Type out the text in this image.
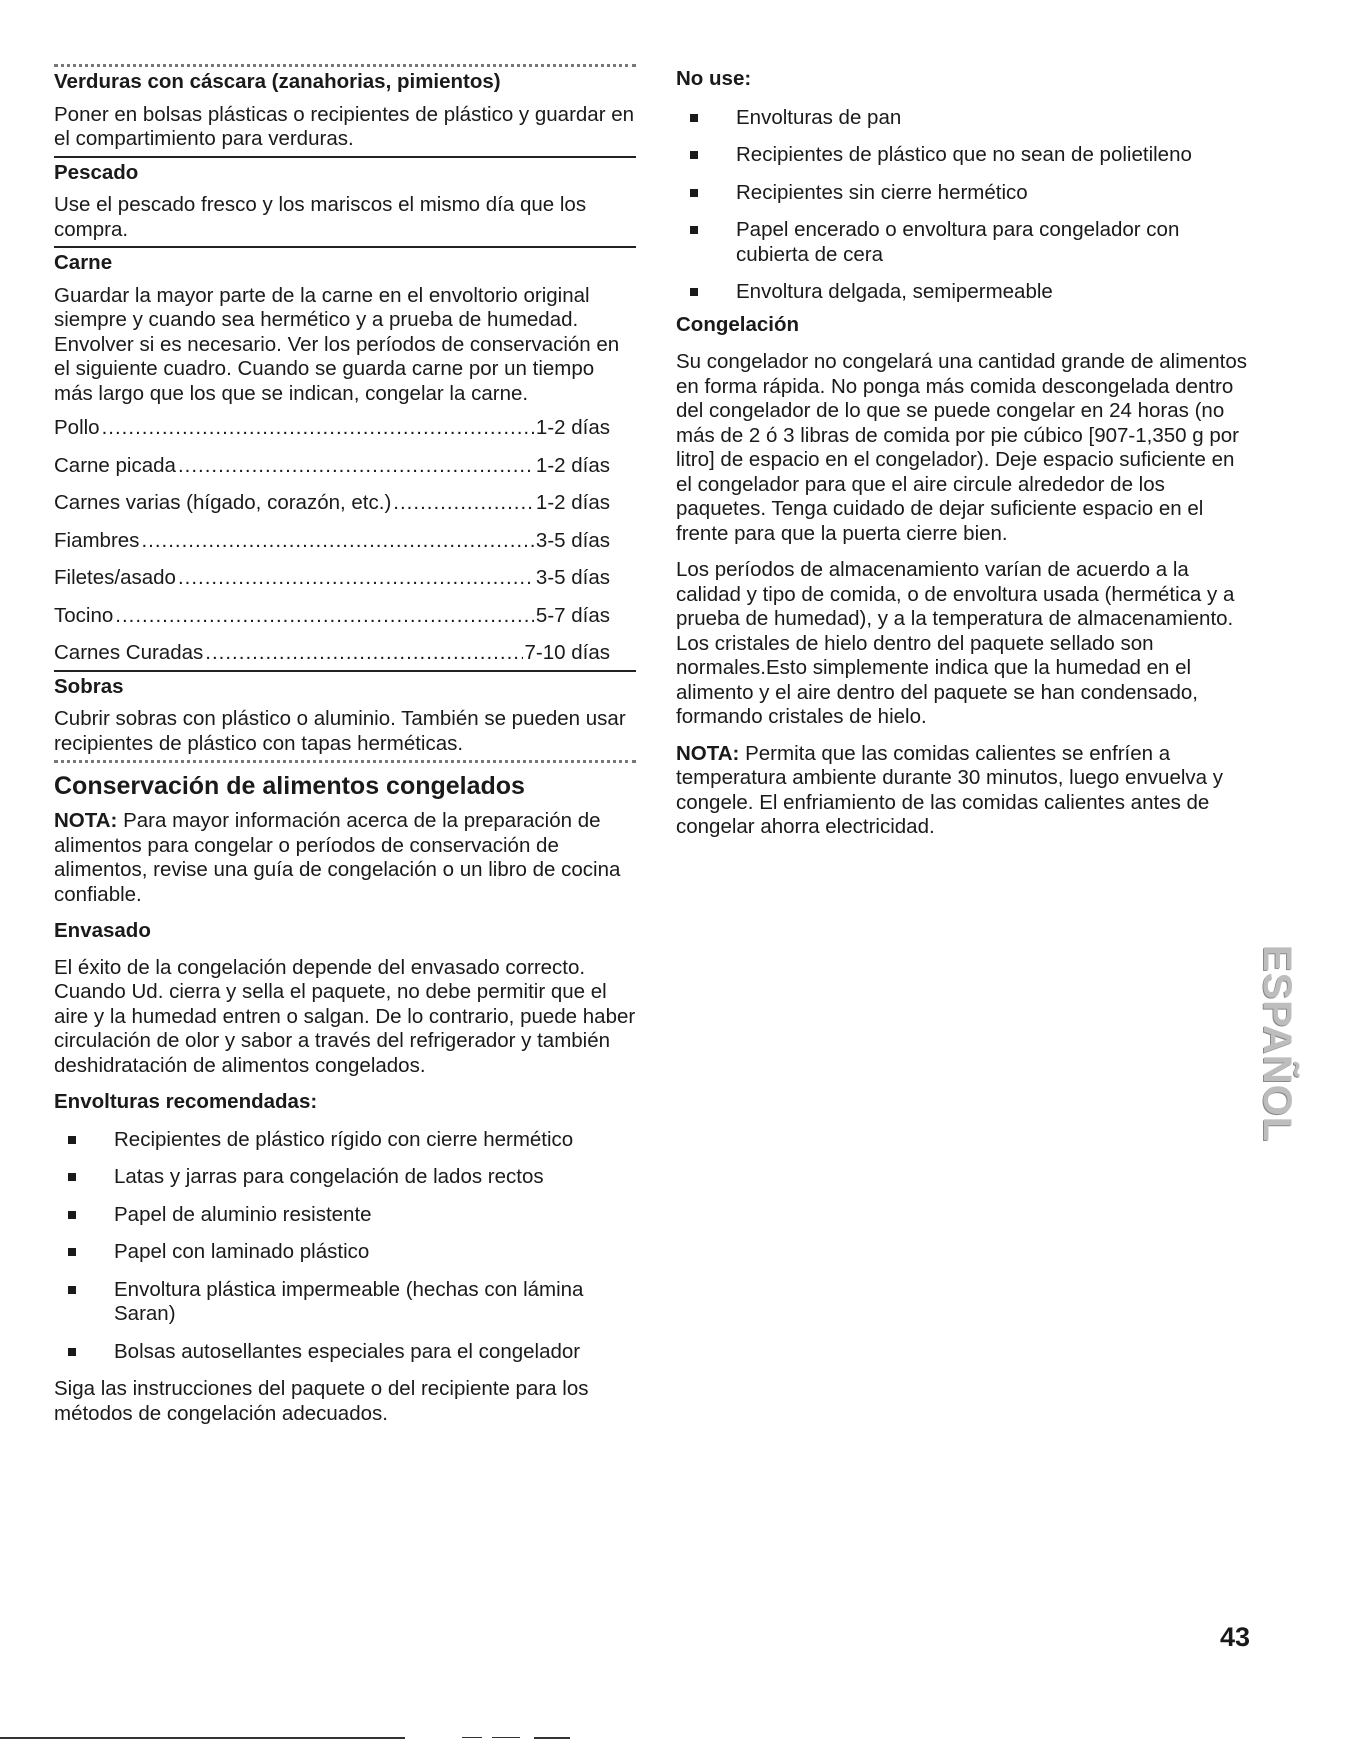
Verduras con cáscara (zanahorias, pimientos)

Poner en bolsas plásticas o recipientes de plástico y guardar en el compartimiento para verduras.

Pescado

Use el pescado fresco y los mariscos el mismo día que los compra.

Carne

Guardar la mayor parte de la carne en el envoltorio original siempre y cuando sea hermético y a prueba de humedad. Envolver si es necesario. Ver los períodos de conservación en el siguiente cuadro. Cuando se guarda carne por un tiempo más largo que los que se indican, congelar la carne.

Pollo .....	1-2 días
Carne picada .....	1-2 días
Carnes varias (hígado, corazón, etc.) .....	1-2 días
Fiambres .....	3-5 días
Filetes/asado .....	3-5 días
Tocino .....	5-7 días
Carnes Curadas .....	7-10 días
Sobras

Cubrir sobras con plástico o aluminio. También se pueden usar recipientes de plástico con tapas herméticas.

Conservación de alimentos congelados

NOTA: Para mayor información acerca de la preparación de alimentos para congelar o períodos de conservación de alimentos, revise una guía de congelación o un libro de cocina confiable.

Envasado

El éxito de la congelación depende del envasado correcto. Cuando Ud. cierra y sella el paquete, no debe permitir que el aire y la humedad entren o salgan. De lo contrario, puede haber circulación de olor y sabor a través del refrigerador y también deshidratación de alimentos congelados.

Envolturas recomendadas:
Recipientes de plástico rígido con cierre hermético
Latas y jarras para congelación de lados rectos
Papel de aluminio resistente
Papel con laminado plástico
Envoltura plástica impermeable (hechas con lámina Saran)
Bolsas autosellantes especiales para el congelador

Siga las instrucciones del paquete o del recipiente para los métodos de congelación adecuados.

No use:
Envolturas de pan
Recipientes de plástico que no sean de polietileno
Recipientes sin cierre hermético
Papel encerado o envoltura para congelador con cubierta de cera
Envoltura delgada, semipermeable
Congelación

Su congelador no congelará una cantidad grande de alimentos en forma rápida. No ponga más comida descongelada dentro del congelador de lo que se puede congelar en 24 horas (no más de 2 ó 3 libras de comida por pie cúbico [907-1,350 g por litro] de espacio en el congelador). Deje espacio suficiente en el congelador para que el aire circule alrededor de los paquetes. Tenga cuidado de dejar suficiente espacio en el frente para que la puerta cierre bien.

Los períodos de almacenamiento varían de acuerdo a la calidad y tipo de comida, o de envoltura usada (hermética y a prueba de humedad), y a la temperatura de almacenamiento. Los cristales de hielo dentro del paquete sellado son normales.Esto simplemente indica que la humedad en el alimento y el aire dentro del paquete se han condensado, formando cristales de hielo.

NOTA: Permita que las comidas calientes se enfríen a temperatura ambiente durante 30 minutos, luego envuelva y congele. El enfriamiento de las comidas calientes antes de congelar ahorra electricidad.

ESPAÑOL
43
